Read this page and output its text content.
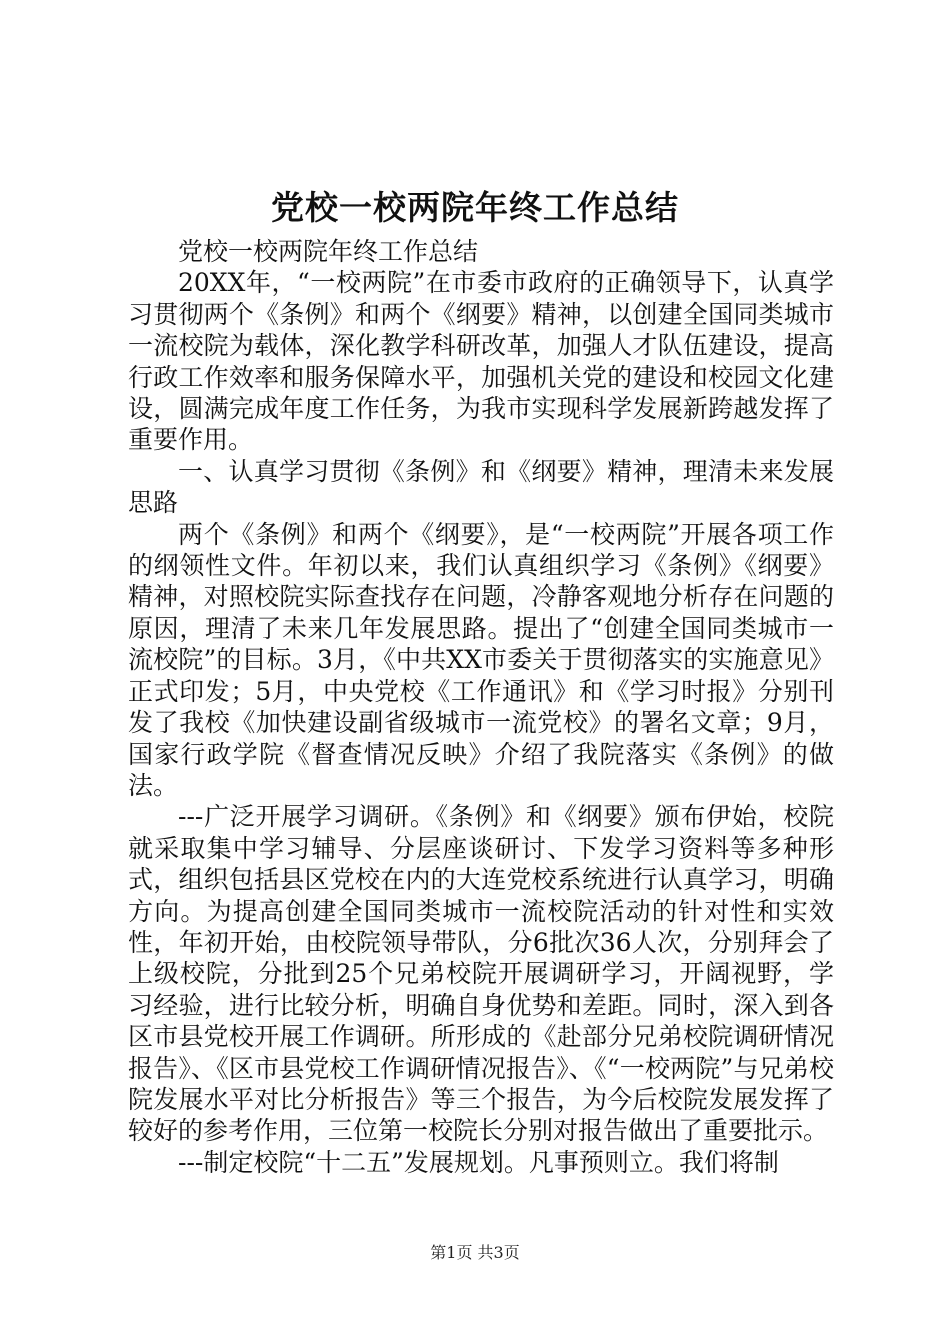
党校一校两院年终工作总结

党校一校两院年终工作总结

20XX年，“一校两院”在市委市政府的正确领导下，认真学习贯彻两个《条例》和两个《纲要》精神，以创建全国同类城市一流校院为载体，深化教学科研改革，加强人才队伍建设，提高行政工作效率和服务保障水平，加强机关党的建设和校园文化建设，圆满完成年度工作任务，为我市实现科学发展新跨越发挥了重要作用。

一、认真学习贯彻《条例》和《纲要》精神，理清未来发展思路

两个《条例》和两个《纲要》，是“一校两院”开展各项工作的纲领性文件。年初以来，我们认真组织学习《条例》《纲要》精神，对照校院实际查找存在问题，冷静客观地分析存在问题的原因，理清了未来几年发展思路。提出了“创建全国同类城市一流校院”的目标。3月，《中共XX市委关于贯彻落实的实施意见》正式印发；5月，中央党校《工作通讯》和《学习时报》分别刊发了我校《加快建设副省级城市一流党校》的署名文章；9月，国家行政学院《督查情况反映》介绍了我院落实《条例》的做法。

---广泛开展学习调研。《条例》和《纲要》颁布伊始，校院就采取集中学习辅导、分层座谈研讨、下发学习资料等多种形式，组织包括县区党校在内的大连党校系统进行认真学习，明确方向。为提高创建全国同类城市一流校院活动的针对性和实效性，年初开始，由校院领导带队，分6批次36人次，分别拜会了上级校院，分批到25个兄弟校院开展调研学习，开阔视野，学习经验，进行比较分析，明确自身优势和差距。同时，深入到各区市县党校开展工作调研。所形成的《赴部分兄弟校院调研情况报告》、《区市县党校工作调研情况报告》、《“一校两院”与兄弟校院发展水平对比分析报告》等三个报告，为今后校院发展发挥了较好的参考作用，三位第一校院长分别对报告做出了重要批示。

---制定校院“十二五”发展规划。凡事预则立。我们将制

第1页 共3页
